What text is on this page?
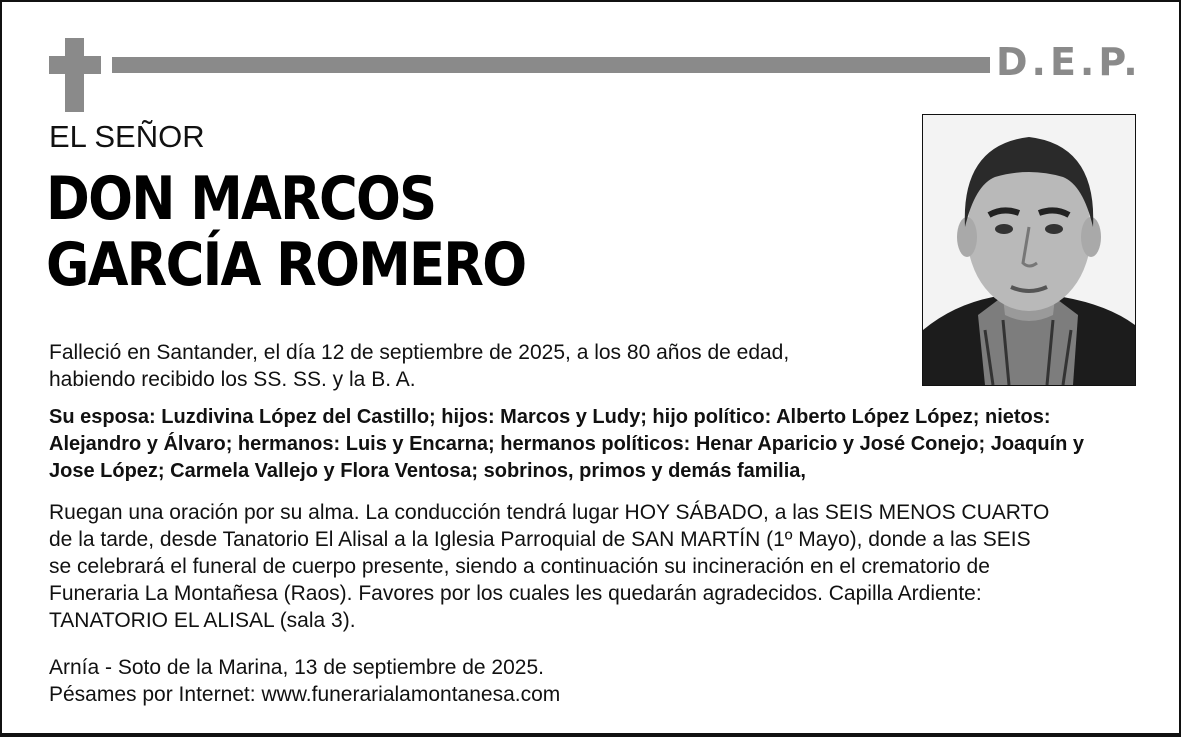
D.E.P.
EL SEÑOR
DON MARCOS
GARCÍA ROMERO
Falleció en Santander, el día 12 de septiembre de 2025, a los 80 años de edad,
habiendo recibido los SS. SS. y la B. A.
Su esposa: Luzdivina López del Castillo; hijos: Marcos y Ludy; hijo político: Alberto López López; nietos:
Alejandro y Álvaro; hermanos: Luis y Encarna; hermanos políticos: Henar Aparicio y José Conejo; Joaquín y
Jose López; Carmela Vallejo y Flora Ventosa; sobrinos, primos y demás familia,
Ruegan una oración por su alma. La conducción tendrá lugar HOY SÁBADO, a las SEIS MENOS CUARTO
de la tarde, desde Tanatorio El Alisal a la Iglesia Parroquial de SAN MARTÍN (1º Mayo), donde a las SEIS
se celebrará el funeral de cuerpo presente, siendo a continuación su incineración en el crematorio de
Funeraria La Montañesa (Raos). Favores por los cuales les quedarán agradecidos. Capilla Ardiente:
TANATORIO EL ALISAL (sala 3).
Arnía - Soto de la Marina, 13 de septiembre de 2025.
Pésames por Internet: www.funerarialamontanesa.com
